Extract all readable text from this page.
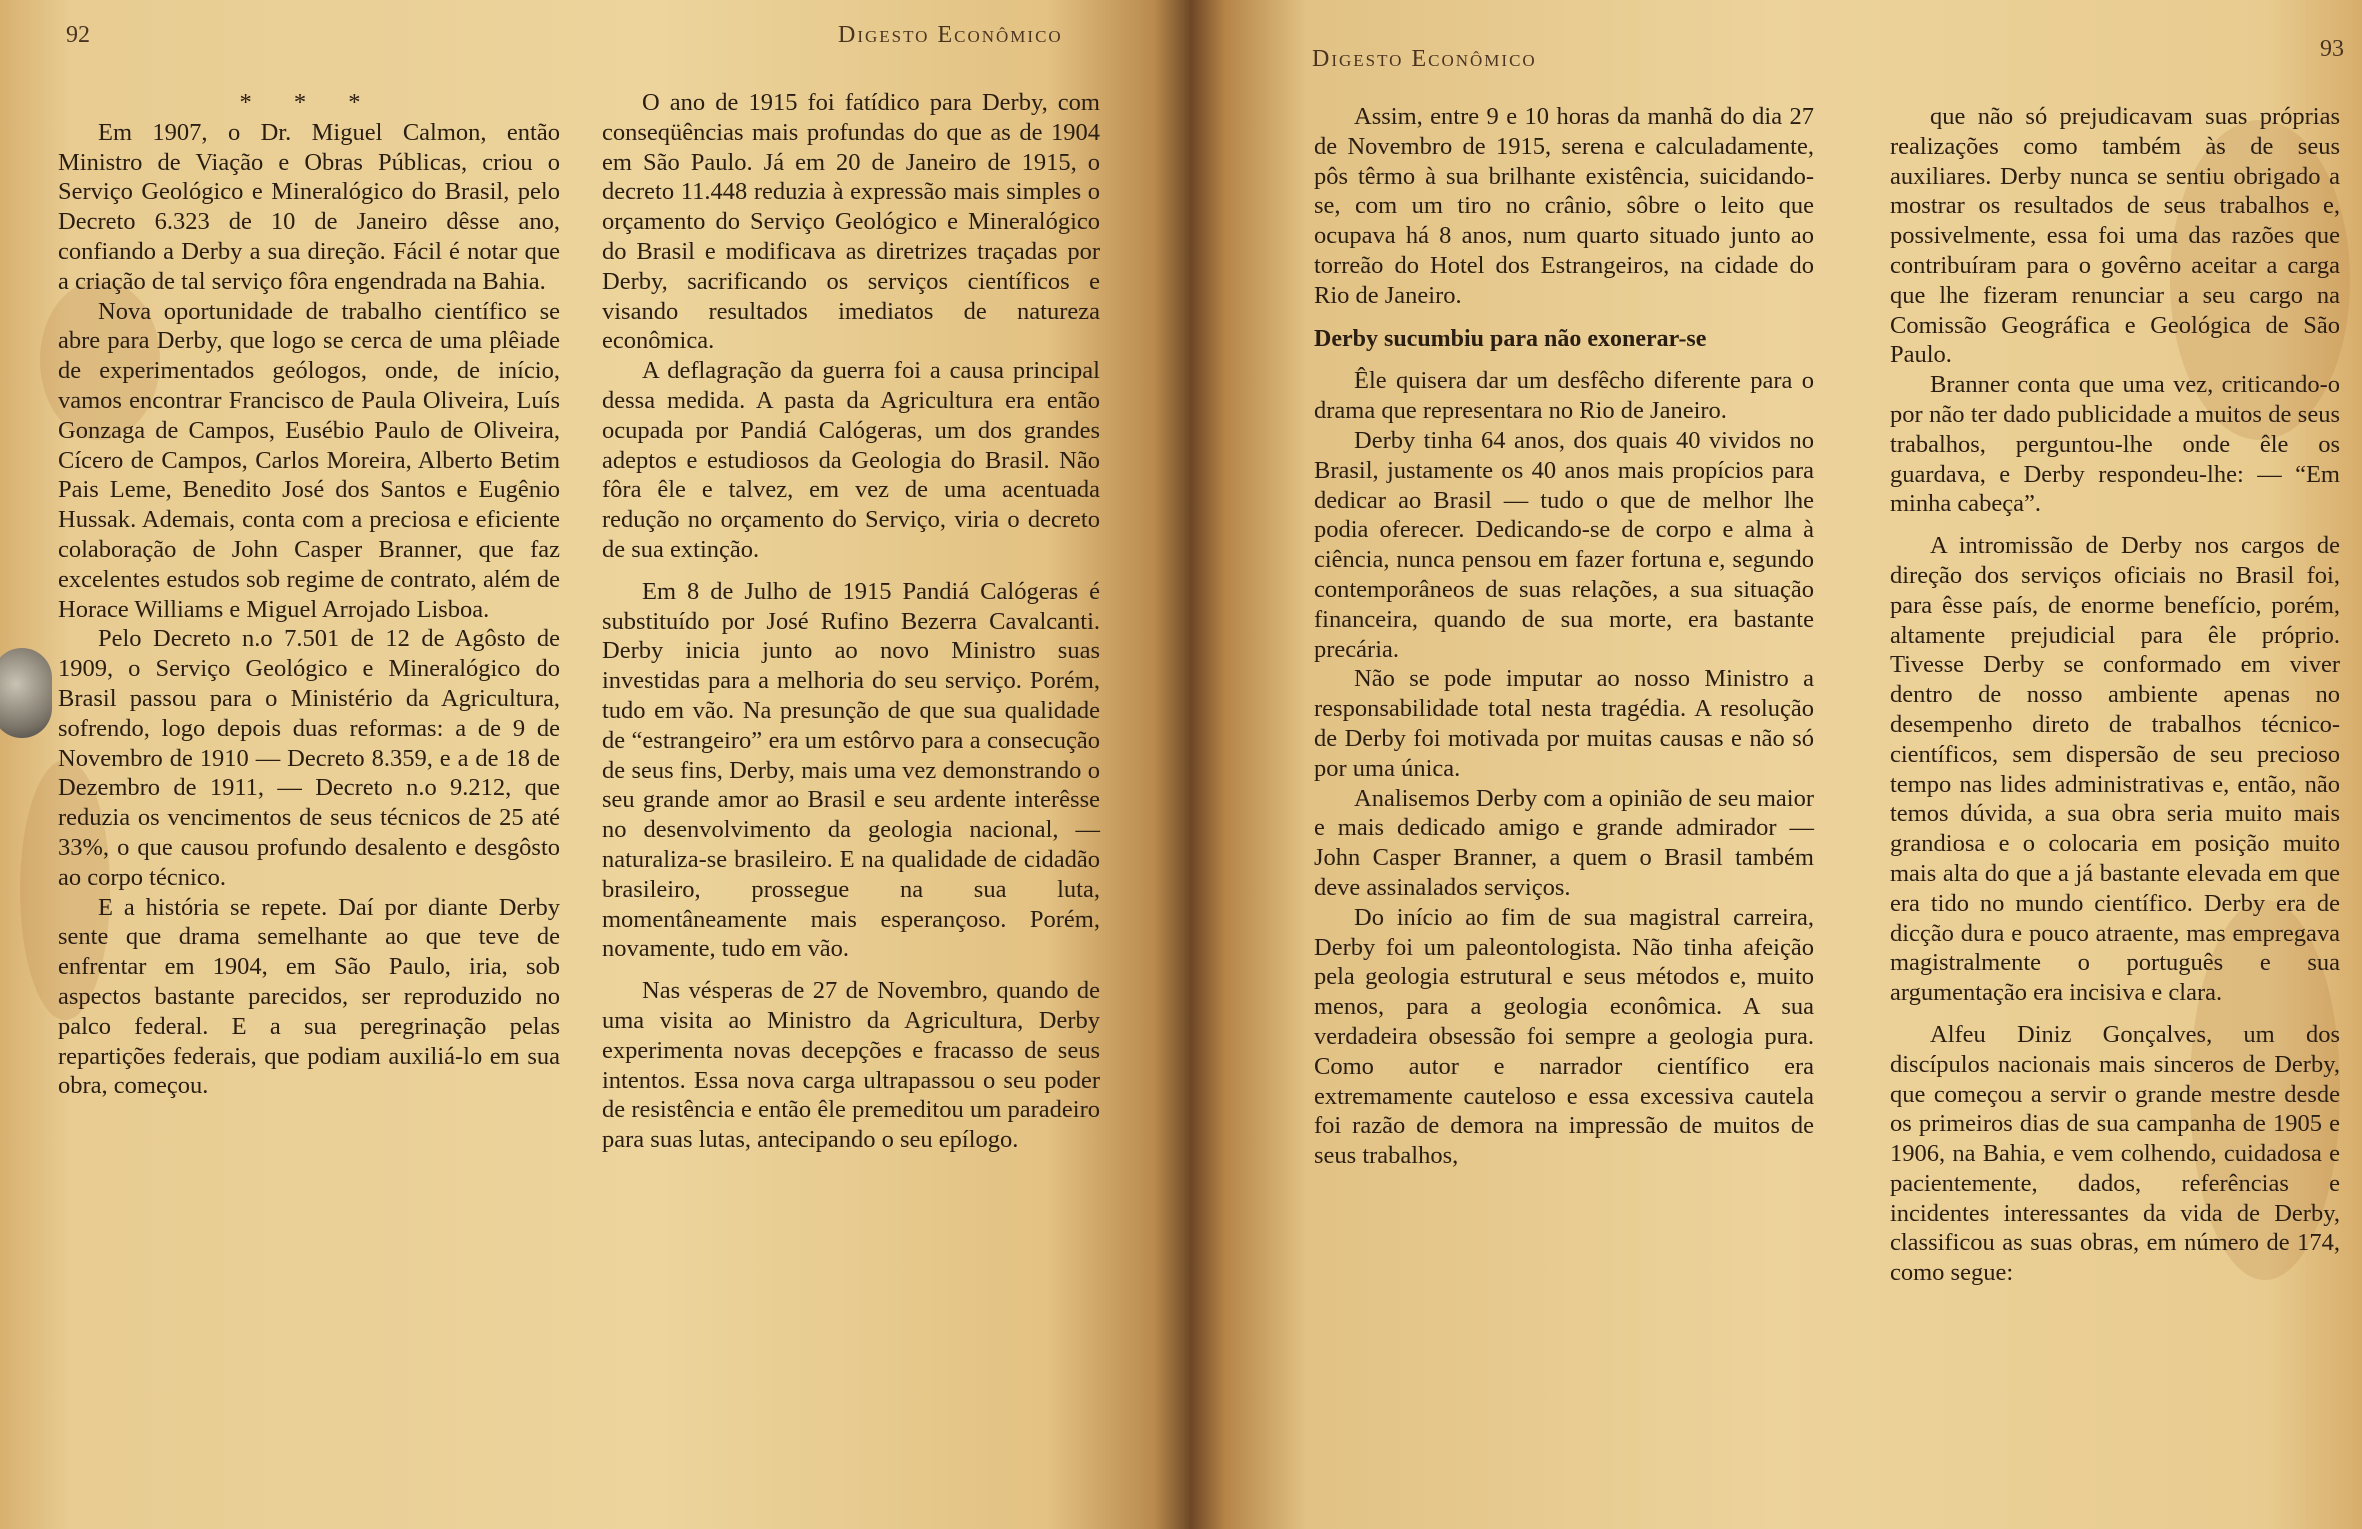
92	Digesto Econômico

* * *

Em 1907, o Dr. Miguel Calmon, então Ministro de Viação e Obras Públicas, criou o Serviço Geológico e Mineralógico do Brasil, pelo Decreto 6.323 de 10 de Janeiro dêsse ano, confiando a Derby a sua direção. Fácil é notar que a criação de tal serviço fôra engendrada na Bahia.

Nova oportunidade de trabalho científico se abre para Derby, que logo se cerca de uma plêiade de experimentados geólogos, onde, de início, vamos encontrar Francisco de Paula Oliveira, Luís Gonzaga de Campos, Eusébio Paulo de Oliveira, Cícero de Campos, Carlos Moreira, Alberto Betim Pais Leme, Benedito José dos Santos e Eugênio Hussak. Ademais, conta com a preciosa e eficiente colaboração de John Casper Branner, que faz excelentes estudos sob regime de contrato, além de Horace Williams e Miguel Arrojado Lisboa.

Pelo Decreto n.o 7.501 de 12 de Agôsto de 1909, o Serviço Geológico e Mineralógico do Brasil passou para o Ministério da Agricultura, sofrendo, logo depois duas reformas: a de 9 de Novembro de 1910 — Decreto 8.359, e a de 18 de Dezembro de 1911, — Decreto n.o 9.212, que reduzia os vencimentos de seus técnicos de 25 até 33%, o que causou profundo desalento e desgôsto ao corpo técnico.

E a história se repete. Daí por diante Derby sente que drama semelhante ao que teve de enfrentar em 1904, em São Paulo, iria, sob aspectos bastante parecidos, ser reproduzido no palco federal. E a sua peregrinação pelas repartições federais, que podiam auxiliá-lo em sua obra, começou.

O ano de 1915 foi fatídico para Derby, com conseqüências mais profundas do que as de 1904 em São Paulo. Já em 20 de Janeiro de 1915, o decreto 11.448 reduzia à expressão mais simples o orçamento do Serviço Geológico e Mineralógico do Brasil e modificava as diretrizes traçadas por Derby, sacrificando os serviços científicos e visando resultados imediatos de natureza econômica.

A deflagração da guerra foi a causa principal dessa medida. A pasta da Agricultura era então ocupada por Pandiá Calógeras, um dos grandes adeptos e estudiosos da Geologia do Brasil. Não fôra êle e talvez, em vez de uma acentuada redução no orçamento do Serviço, viria o decreto de sua extinção.

Em 8 de Julho de 1915 Pandiá Calógeras é substituído por José Rufino Bezerra Cavalcanti. Derby inicia junto ao novo Ministro suas investidas para a melhoria do seu serviço. Porém, tudo em vão. Na presunção de que sua qualidade de “estrangeiro” era um estôrvo para a consecução de seus fins, Derby, mais uma vez demonstrando o seu grande amor ao Brasil e seu ardente interêsse no desenvolvimento da geologia nacional, — naturaliza-se brasileiro. E na qualidade de cidadão brasileiro, prossegue na sua luta, momentâneamente mais esperançoso. Porém, novamente, tudo em vão.

Nas vésperas de 27 de Novembro, quando de uma visita ao Ministro da Agricultura, Derby experimenta novas decepções e fracasso de seus intentos. Essa nova carga ultrapassou o seu poder de resistência e então êle premeditou um paradeiro para suas lutas, antecipando o seu epílogo.

Digesto Econômico	93

Assim, entre 9 e 10 horas da manhã do dia 27 de Novembro de 1915, serena e calculadamente, pôs têrmo à sua brilhante existência, suicidando-se, com um tiro no crânio, sôbre o leito que ocupava há 8 anos, num quarto situado junto ao torreão do Hotel dos Estrangeiros, na cidade do Rio de Janeiro.

Derby sucumbiu para não exonerar-se

Êle quisera dar um desfêcho diferente para o drama que representara no Rio de Janeiro.

Derby tinha 64 anos, dos quais 40 vividos no Brasil, justamente os 40 anos mais propícios para dedicar ao Brasil — tudo o que de melhor lhe podia oferecer. Dedicando-se de corpo e alma à ciência, nunca pensou em fazer fortuna e, segundo contemporâneos de suas relações, a sua situação financeira, quando de sua morte, era bastante precária.

Não se pode imputar ao nosso Ministro a responsabilidade total nesta tragédia. A resolução de Derby foi motivada por muitas causas e não só por uma única.

Analisemos Derby com a opinião de seu maior e mais dedicado amigo e grande admirador — John Casper Branner, a quem o Brasil também deve assinalados serviços.

Do início ao fim de sua magistral carreira, Derby foi um paleontologista. Não tinha afeição pela geologia estrutural e seus métodos e, muito menos, para a geologia econômica. A sua verdadeira obsessão foi sempre a geologia pura. Como autor e narrador científico era extremamente cauteloso e essa excessiva cautela foi razão de demora na impressão de muitos de seus trabalhos,

que não só prejudicavam suas próprias realizações como também às de seus auxiliares. Derby nunca se sentiu obrigado a mostrar os resultados de seus trabalhos e, possivelmente, essa foi uma das razões que contribuíram para o govêrno aceitar a carga que lhe fizeram renunciar a seu cargo na Comissão Geográfica e Geológica de São Paulo.

Branner conta que uma vez, criticando-o por não ter dado publicidade a muitos de seus trabalhos, perguntou-lhe onde êle os guardava, e Derby respondeu-lhe: — “Em minha cabeça”.

A intromissão de Derby nos cargos de direção dos serviços oficiais no Brasil foi, para êsse país, de enorme benefício, porém, altamente prejudicial para êle próprio. Tivesse Derby se conformado em viver dentro de nosso ambiente apenas no desempenho direto de trabalhos técnico-científicos, sem dispersão de seu precioso tempo nas lides administrativas e, então, não temos dúvida, a sua obra seria muito mais grandiosa e o colocaria em posição muito mais alta do que a já bastante elevada em que era tido no mundo científico. Derby era de dicção dura e pouco atraente, mas empregava magistralmente o português e sua argumentação era incisiva e clara.

Alfeu Diniz Gonçalves, um dos discípulos nacionais mais sinceros de Derby, que começou a servir o grande mestre desde os primeiros dias de sua campanha de 1905 e 1906, na Bahia, e vem colhendo, cuidadosa e pacientemente, dados, referências e incidentes interessantes da vida de Derby, classificou as suas obras, em número de 174, como segue:
